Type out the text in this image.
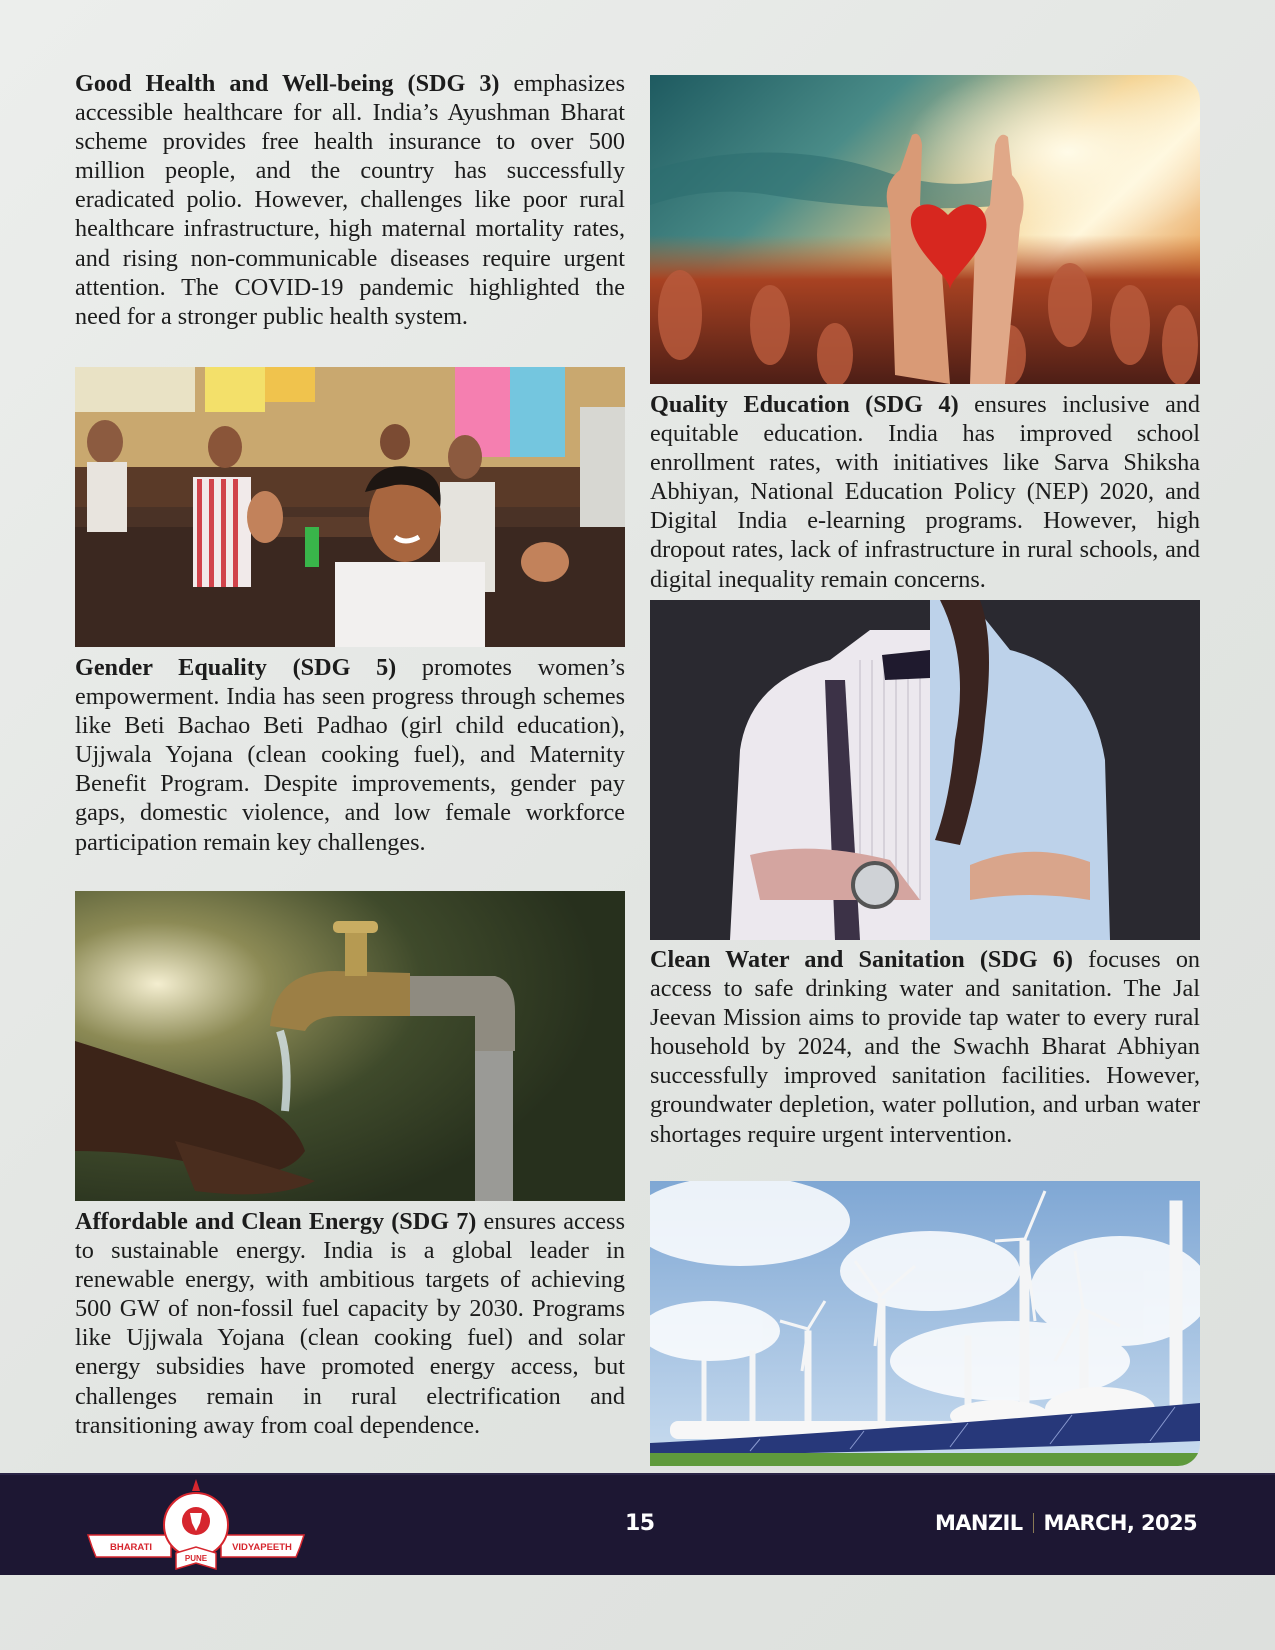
Good Health and Well-being (SDG 3) emphasizes accessible healthcare for all. India’s Ayushman Bharat scheme provides free health insurance to over 500 million people, and the country has successfully eradicated polio. However, challenges like poor rural healthcare infrastructure, high maternal mortality rates, and rising non-communicable diseases require urgent attention. The COVID-19 pandemic highlighted the need for a stronger public health system.

Quality Education (SDG 4) ensures inclusive and equitable education. India has improved school enrollment rates, with initiatives like Sarva Shiksha Abhiyan, National Education Policy (NEP) 2020, and Digital India e-learning programs. However, high dropout rates, lack of infrastructure in rural schools, and digital inequality remain concerns.

Gender Equality (SDG 5) promotes women’s empowerment. India has seen progress through schemes like Beti Bachao Beti Padhao (girl child education), Ujjwala Yojana (clean cooking fuel), and Maternity Benefit Program. Despite improvements, gender pay gaps, domestic violence, and low female workforce participation remain key challenges.

Clean Water and Sanitation (SDG 6) focuses on access to safe drinking water and sanitation. The Jal Jeevan Mission aims to provide tap water to every rural household by 2024, and the Swachh Bharat Abhiyan successfully improved sanitation facilities. However, groundwater depletion, water pollution, and urban water shortages require urgent intervention.

Affordable and Clean Energy (SDG 7) ensures access to sustainable energy. India is a global leader in renewable energy, with ambitious targets of achieving 500 GW of non-fossil fuel capacity by 2030. Programs like Ujjwala Yojana (clean cooking fuel) and solar energy subsidies have promoted energy access, but challenges remain in rural electrification and transitioning away from coal dependence.

BHARATI	VIDYAPEETH
PUNE
15	MANZIL MARCH, 2025
